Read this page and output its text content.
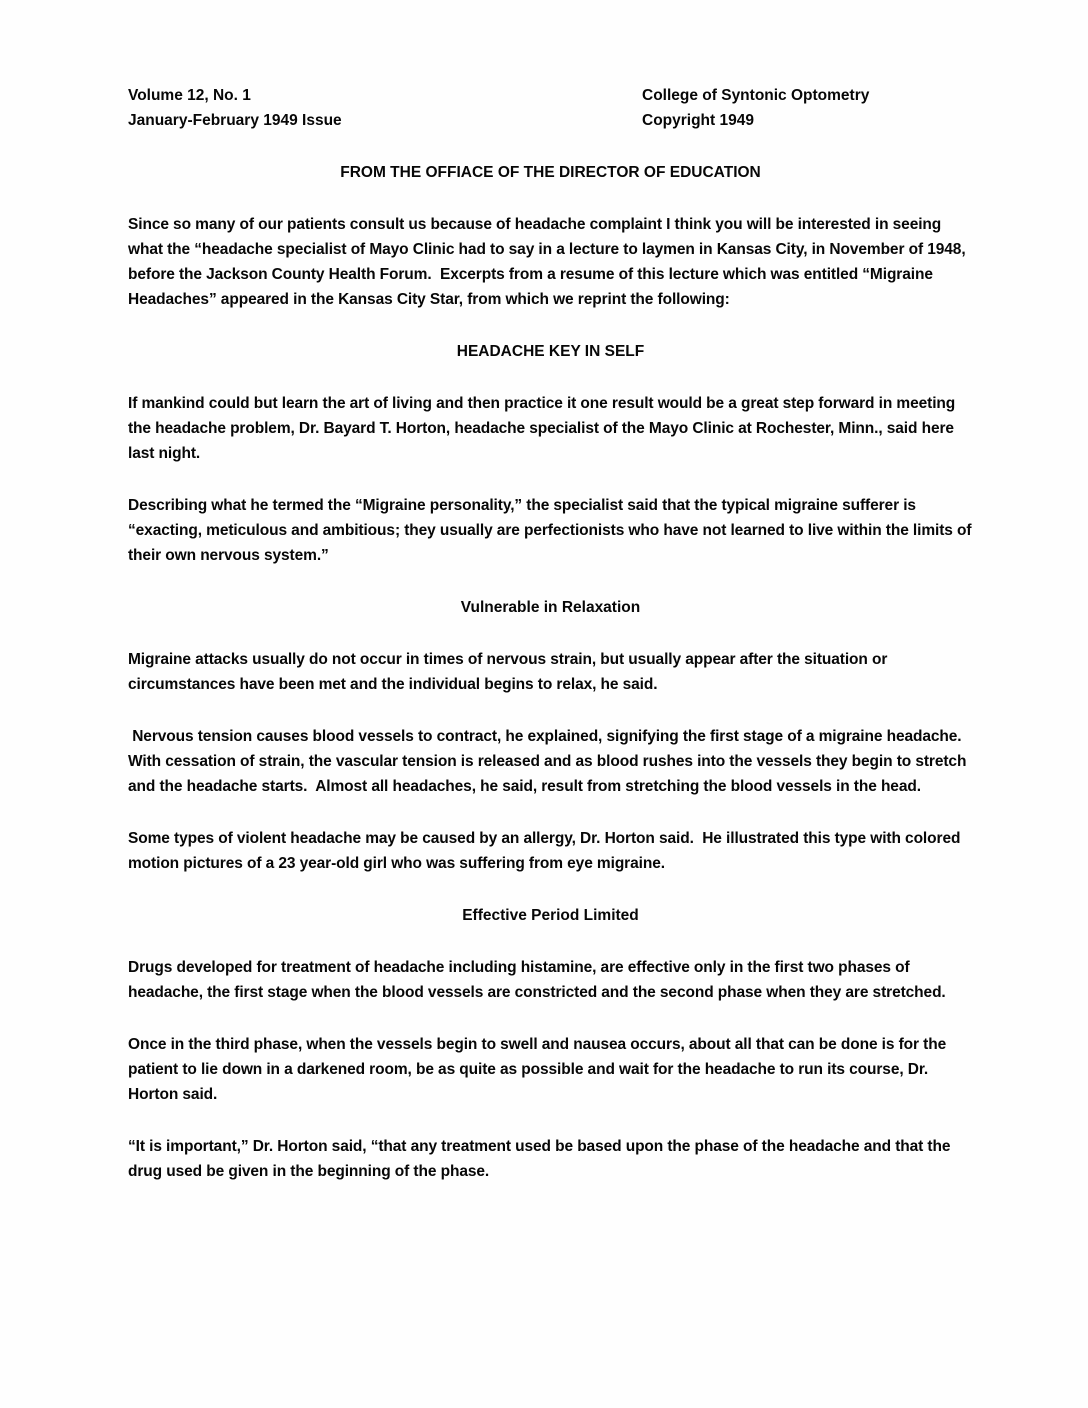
Volume 12, No. 1	College of Syntonic Optometry
January-February 1949 Issue	Copyright 1949
FROM THE OFFIACE OF THE DIRECTOR OF EDUCATION

Since so many of our patients consult us because of headache complaint I think you will be interested in seeing what the “headache specialist of Mayo Clinic had to say in a lecture to laymen in Kansas City, in November of 1948, before the Jackson County Health Forum.  Excerpts from a resume of this lecture which was entitled “Migraine Headaches” appeared in the Kansas City Star, from which we reprint the following:

HEADACHE KEY IN SELF

If mankind could but learn the art of living and then practice it one result would be a great step forward in meeting the headache problem, Dr. Bayard T. Horton, headache specialist of the Mayo Clinic at Rochester, Minn., said here last night.

Describing what he termed the “Migraine personality,” the specialist said that the typical migraine sufferer is “exacting, meticulous and ambitious; they usually are perfectionists who have not learned to live within the limits of their own nervous system.”

Vulnerable in Relaxation

Migraine attacks usually do not occur in times of nervous strain, but usually appear after the situation or circumstances have been met and the individual begins to relax, he said.

Nervous tension causes blood vessels to contract, he explained, signifying the first stage of a migraine headache.  With cessation of strain, the vascular tension is released and as blood rushes into the vessels they begin to stretch and the headache starts.  Almost all headaches, he said, result from stretching the blood vessels in the head.

Some types of violent headache may be caused by an allergy, Dr. Horton said.  He illustrated this type with colored motion pictures of a 23 year-old girl who was suffering from eye migraine.

Effective Period Limited

Drugs developed for treatment of headache including histamine, are effective only in the first two phases of headache, the first stage when the blood vessels are constricted and the second phase when they are stretched.

Once in the third phase, when the vessels begin to swell and nausea occurs, about all that can be done is for the patient to lie down in a darkened room, be as quite as possible and wait for the headache to run its course, Dr. Horton said.

“It is important,” Dr. Horton said, “that any treatment used be based upon the phase of the headache and that the drug used be given in the beginning of the phase.
